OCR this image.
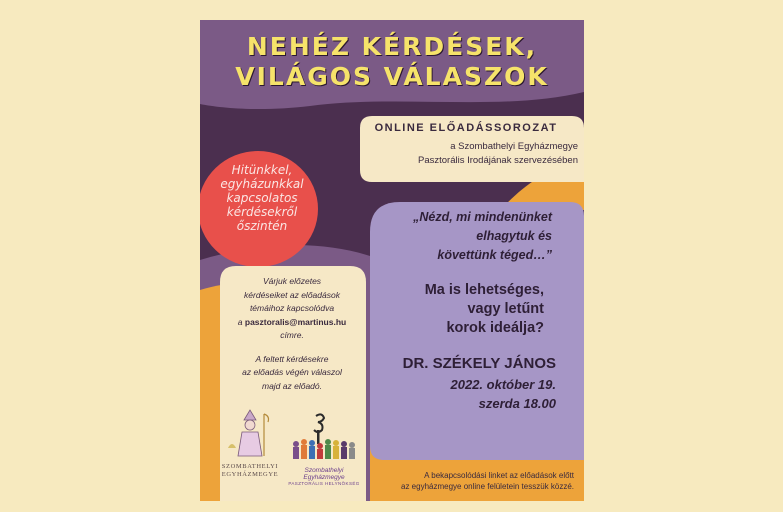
NEHÉZ KÉRDÉSEK,
VILÁGOS VÁLASZOK
ONLINE ELŐADÁSSOROZAT
a Szombathelyi Egyházmegye
Pasztorális Irodájának szervezésében
Hitünkkel,
egyházunkkal
kapcsolatos
kérdésekről
őszintén
„Nézd, mi mindenünket
elhagytuk és
követtünk téged…”
Ma is lehetséges,
vagy letűnt
korok ideálja?
DR. SZÉKELY JÁNOS
2022. október 19.
szerda 18.00

Várjuk előzetes
kérdéseiket az előadások
témáihoz kapcsolódva
a pasztoralis@martinus.hu
címre.

A feltett kérdésekre
az előadás végén válaszol
majd az előadó.

SZOMBATHELYI
EGYHÁZMEGYE
Szombathelyi Egyházmegye
PASZTORÁLIS HELYNÖKSÉG
A bekapcsolódási linket az előadások előtt
az egyházmegye online felületein tesszük közzé.
